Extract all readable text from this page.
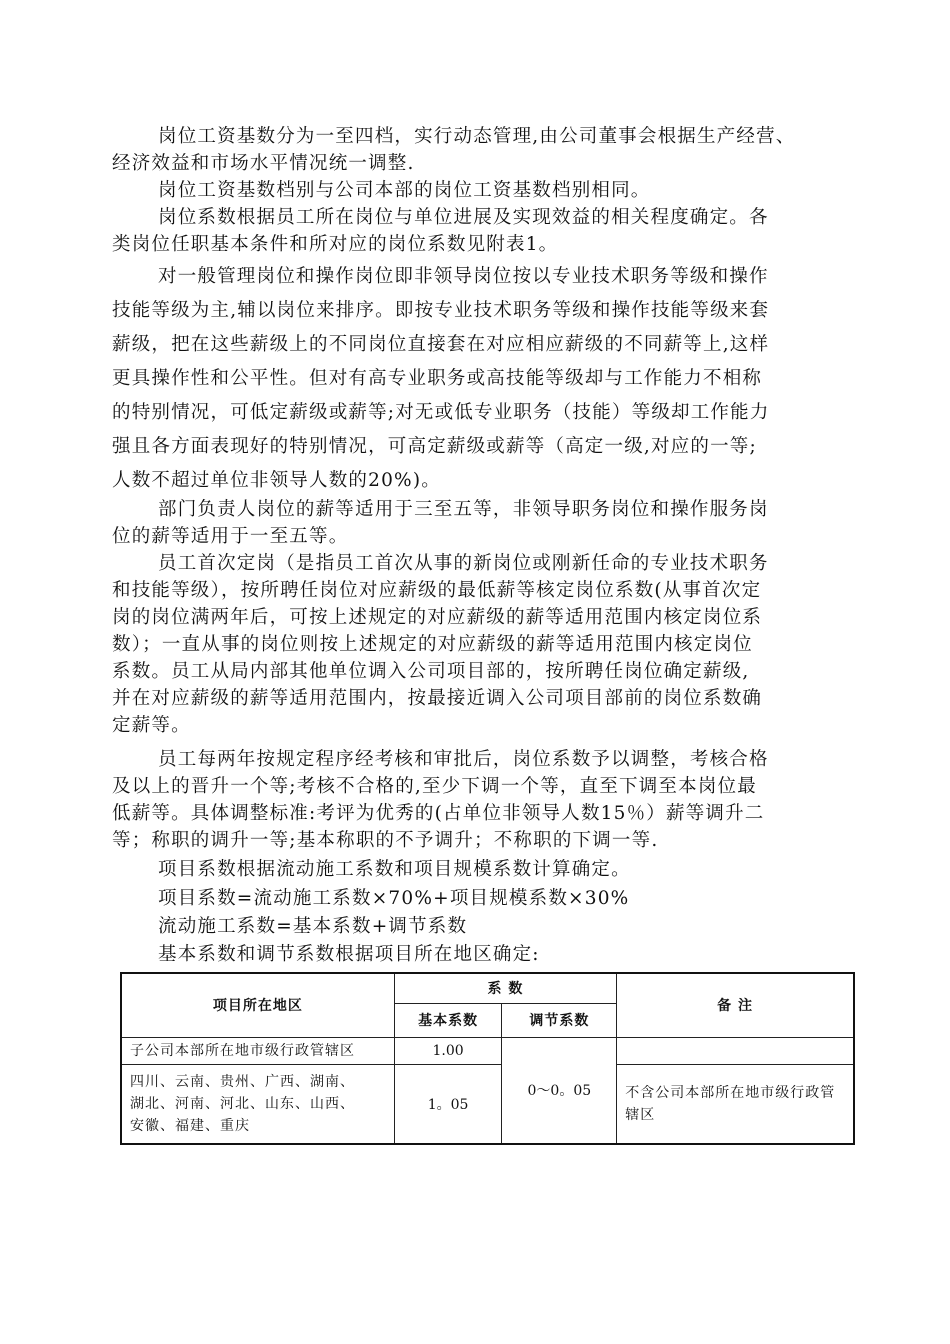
岗位工资基数分为一至四档，实行动态管理,由公司董事会根据生产经营、
经济效益和市场水平情况统一调整.
岗位工资基数档别与公司本部的岗位工资基数档别相同。
岗位系数根据员工所在岗位与单位进展及实现效益的相关程度确定。各
类岗位任职基本条件和所对应的岗位系数见附表1。
对一般管理岗位和操作岗位即非领导岗位按以专业技术职务等级和操作
技能等级为主,辅以岗位来排序。即按专业技术职务等级和操作技能等级来套
薪级，把在这些薪级上的不同岗位直接套在对应相应薪级的不同薪等上,这样
更具操作性和公平性。但对有高专业职务或高技能等级却与工作能力不相称
的特别情况，可低定薪级或薪等;对无或低专业职务（技能）等级却工作能力
强且各方面表现好的特别情况，可高定薪级或薪等（高定一级,对应的一等;
人数不超过单位非领导人数的20%)。
部门负责人岗位的薪等适用于三至五等，非领导职务岗位和操作服务岗
位的薪等适用于一至五等。
员工首次定岗（是指员工首次从事的新岗位或刚新任命的专业技术职务
和技能等级），按所聘任岗位对应薪级的最低薪等核定岗位系数(从事首次定
岗的岗位满两年后，可按上述规定的对应薪级的薪等适用范围内核定岗位系
数）；一直从事的岗位则按上述规定的对应薪级的薪等适用范围内核定岗位
系数。员工从局内部其他单位调入公司项目部的，按所聘任岗位确定薪级,
并在对应薪级的薪等适用范围内，按最接近调入公司项目部前的岗位系数确
定薪等。
员工每两年按规定程序经考核和审批后，岗位系数予以调整，考核合格
及以上的晋升一个等;考核不合格的,至少下调一个等，直至下调至本岗位最
低薪等。具体调整标准:考评为优秀的(占单位非领导人数15％）薪等调升二
等；称职的调升一等;基本称职的不予调升；不称职的下调一等.
项目系数根据流动施工系数和项目规模系数计算确定。
项目系数=流动施工系数×70%+项目规模系数×30%
流动施工系数=基本系数+调节系数
基本系数和调节系数根据项目所在地区确定:
项目所在地区	系 数		备 注
	基本系数	调节系数	
子公司本部所在地市级行政管辖区	1.00	0～0。05	

四川、云南、贵州、广西、湖南、
湖北、河南、河北、山东、山西、
安徽、福建、重庆	1。05		不含公司本部所在地市级行政管辖区
